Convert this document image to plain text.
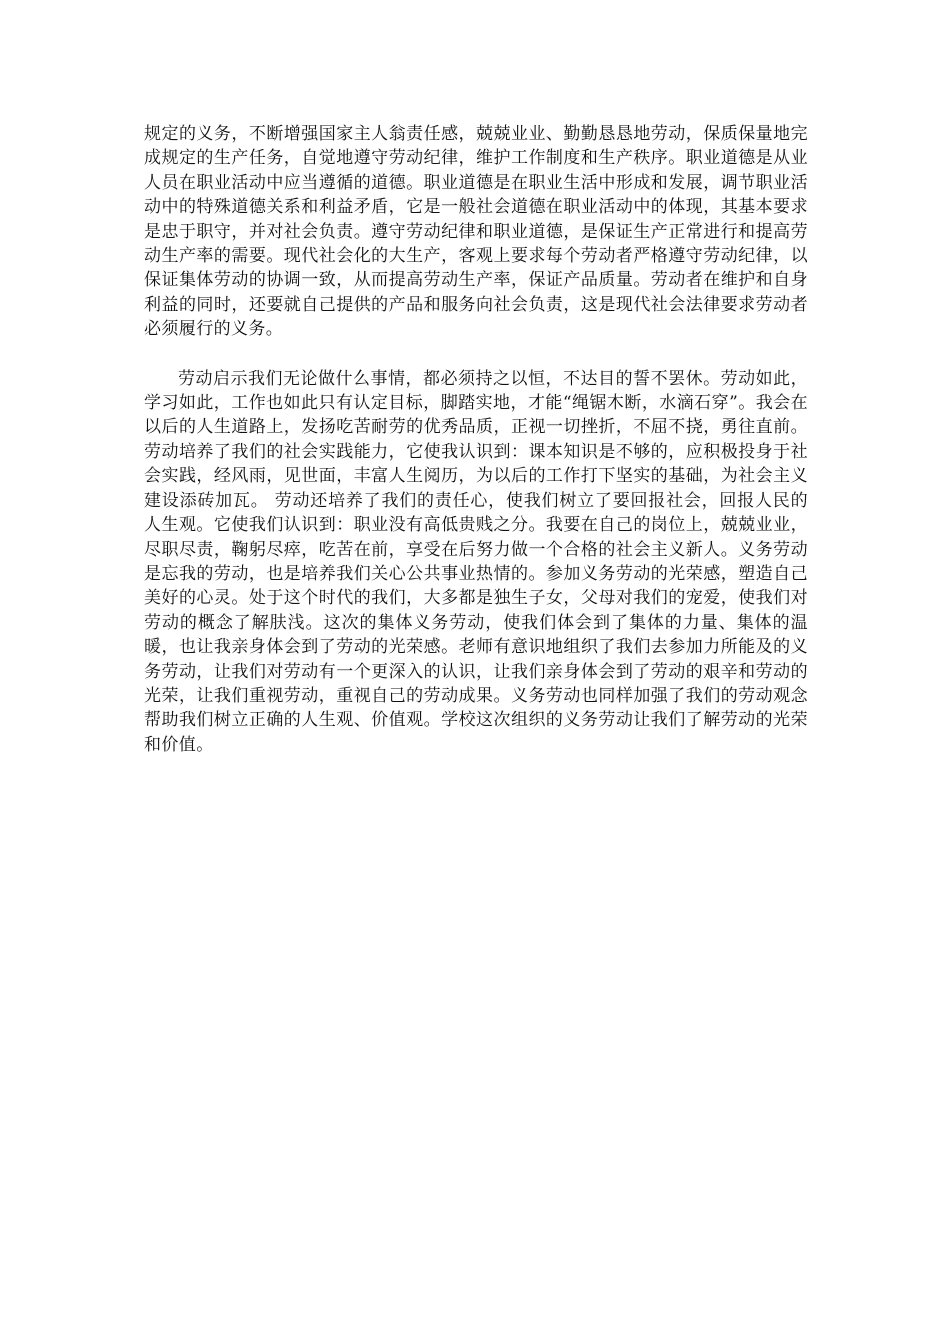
规定的义务，不断增强国家主人翁责任感，兢兢业业、勤勤恳恳地劳动，保质保量地完成规定的生产任务，自觉地遵守劳动纪律，维护工作制度和生产秩序。职业道德是从业人员在职业活动中应当遵循的道德。职业道德是在职业生活中形成和发展，调节职业活动中的特殊道德关系和利益矛盾，它是一般社会道德在职业活动中的体现，其基本要求是忠于职守，并对社会负责。遵守劳动纪律和职业道德，是保证生产正常进行和提高劳动生产率的需要。现代社会化的大生产，客观上要求每个劳动者严格遵守劳动纪律，以保证集体劳动的协调一致，从而提高劳动生产率，保证产品质量。劳动者在维护和自身利益的同时，还要就自己提供的产品和服务向社会负责，这是现代社会法律要求劳动者必须履行的义务。

劳动启示我们无论做什么事情，都必须持之以恒，不达目的誓不罢休。劳动如此，学习如此，工作也如此只有认定目标，脚踏实地，才能“绳锯木断，水滴石穿”。我会在以后的人生道路上，发扬吃苦耐劳的优秀品质，正视一切挫折，不屈不挠，勇往直前。 劳动培养了我们的社会实践能力，它使我认识到：课本知识是不够的，应积极投身于社会实践，经风雨，见世面，丰富人生阅历，为以后的工作打下坚实的基础，为社会主义建设添砖加瓦。 劳动还培养了我们的责任心，使我们树立了要回报社会，回报人民的人生观。它使我们认识到：职业没有高低贵贱之分。我要在自己的岗位上，兢兢业业，尽职尽责，鞠躬尽瘁，吃苦在前，享受在后努力做一个合格的社会主义新人。义务劳动是忘我的劳动，也是培养我们关心公共事业热情的。参加义务劳动的光荣感，塑造自己美好的心灵。处于这个时代的我们，大多都是独生子女，父母对我们的宠爱，使我们对劳动的概念了解肤浅。这次的集体义务劳动，使我们体会到了集体的力量、集体的温暖，也让我亲身体会到了劳动的光荣感。老师有意识地组织了我们去参加力所能及的义务劳动，让我们对劳动有一个更深入的认识，让我们亲身体会到了劳动的艰辛和劳动的光荣，让我们重视劳动，重视自己的劳动成果。义务劳动也同样加强了我们的劳动观念帮助我们树立正确的人生观、价值观。学校这次组织的义务劳动让我们了解劳动的光荣和价值。
